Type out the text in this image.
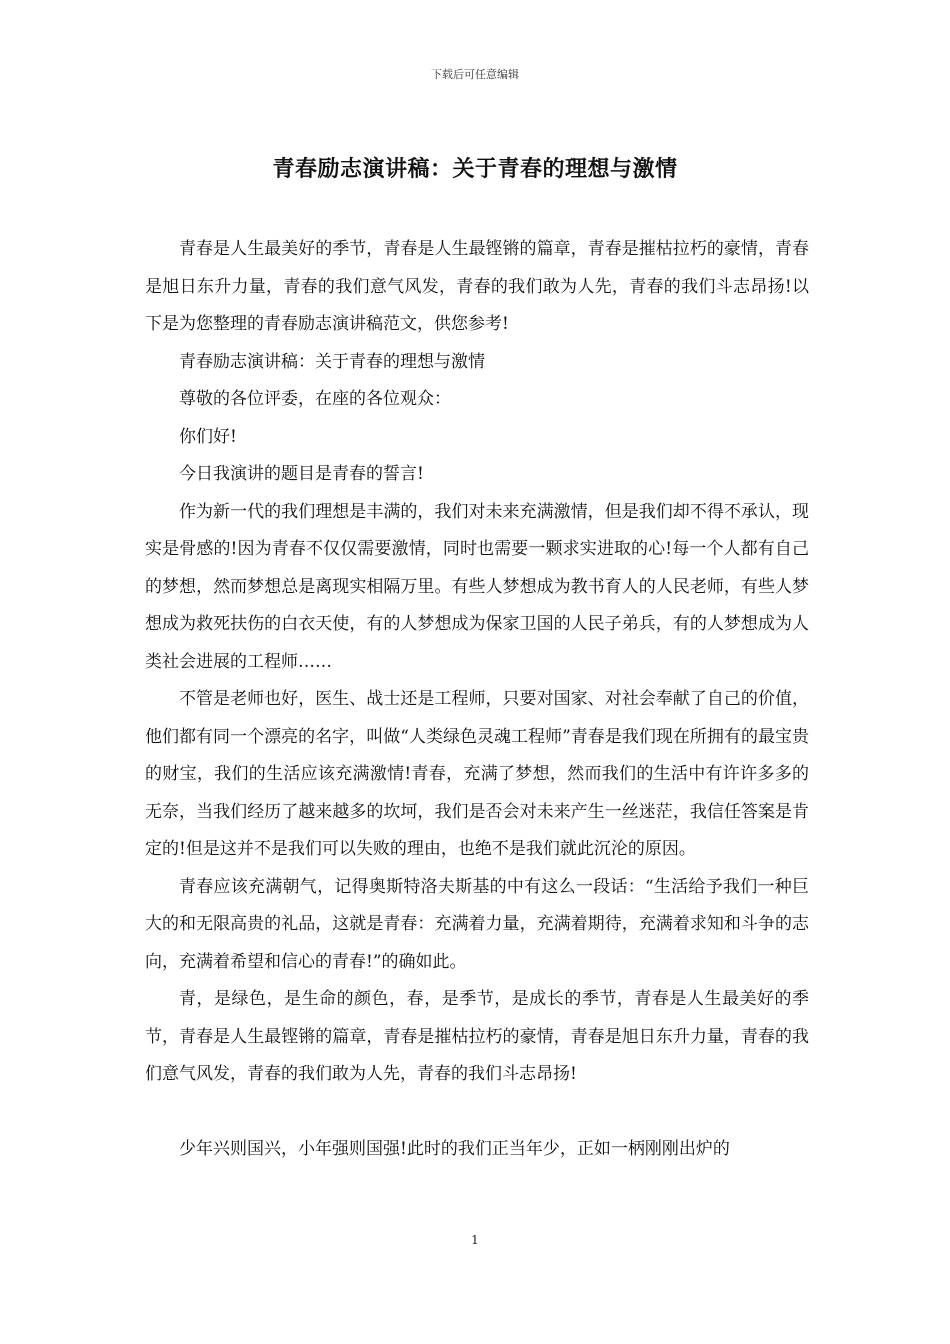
下载后可任意编辑
青春励志演讲稿：关于青春的理想与激情

青春是人生最美好的季节，青春是人生最铿锵的篇章，青春是摧枯拉朽的豪情，青春是旭日东升力量，青春的我们意气风发，青春的我们敢为人先，青春的我们斗志昂扬!以下是为您整理的青春励志演讲稿范文，供您参考!

青春励志演讲稿：关于青春的理想与激情

尊敬的各位评委，在座的各位观众：

你们好!

今日我演讲的题目是青春的誓言!

作为新一代的我们理想是丰满的，我们对未来充满激情，但是我们却不得不承认，现实是骨感的!因为青春不仅仅需要激情，同时也需要一颗求实进取的心!每一个人都有自己的梦想，然而梦想总是离现实相隔万里。有些人梦想成为教书育人的人民老师，有些人梦想成为救死扶伤的白衣天使，有的人梦想成为保家卫国的人民子弟兵，有的人梦想成为人类社会进展的工程师……

不管是老师也好，医生、战士还是工程师，只要对国家、对社会奉献了自己的价值，他们都有同一个漂亮的名字，叫做“人类绿色灵魂工程师”青春是我们现在所拥有的最宝贵的财宝，我们的生活应该充满激情!青春，充满了梦想，然而我们的生活中有许许多多的无奈，当我们经历了越来越多的坎坷，我们是否会对未来产生一丝迷茫，我信任答案是肯定的!但是这并不是我们可以失败的理由，也绝不是我们就此沉沦的原因。

青春应该充满朝气，记得奥斯特洛夫斯基的中有这么一段话：“生活给予我们一种巨大的和无限高贵的礼品，这就是青春：充满着力量，充满着期待，充满着求知和斗争的志向，充满着希望和信心的青春!”的确如此。

青，是绿色，是生命的颜色，春，是季节，是成长的季节，青春是人生最美好的季节，青春是人生最铿锵的篇章，青春是摧枯拉朽的豪情，青春是旭日东升力量，青春的我们意气风发，青春的我们敢为人先，青春的我们斗志昂扬!

少年兴则国兴，小年强则国强!此时的我们正当年少，正如一柄刚刚出炉的

1
